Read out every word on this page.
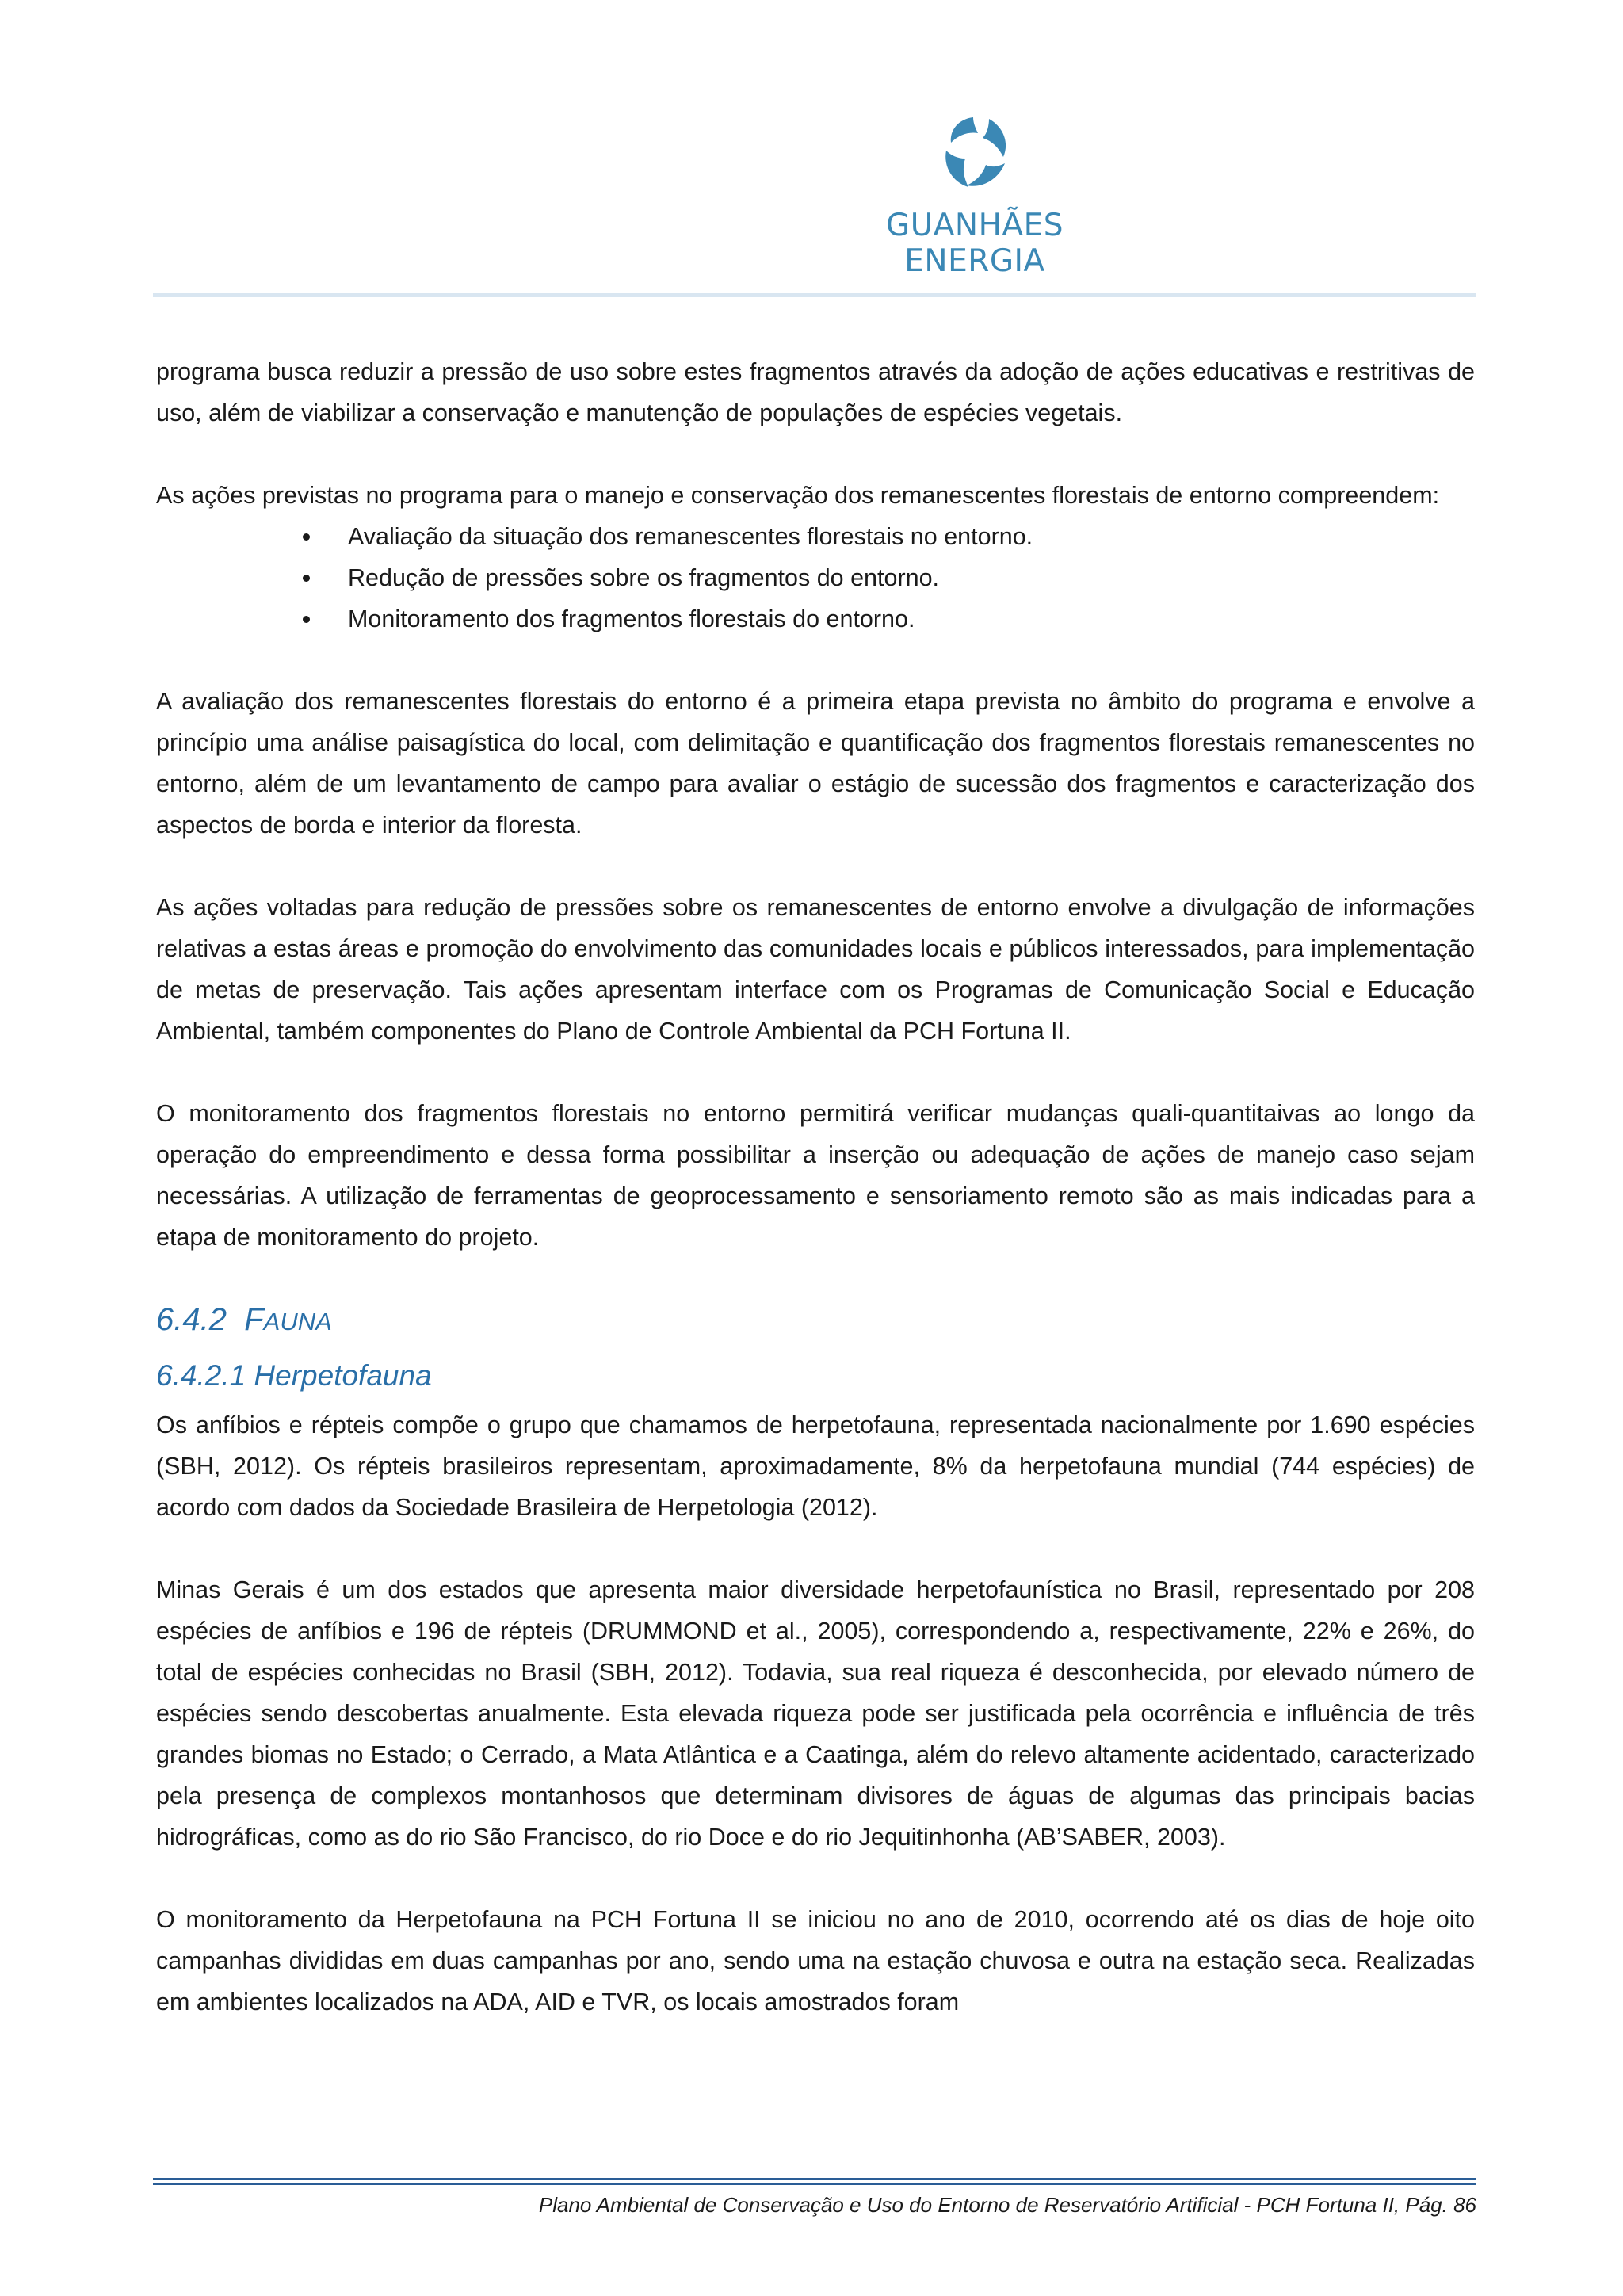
GUANHÃES ENERGIA

programa busca reduzir a pressão de uso sobre estes fragmentos através da adoção de ações educativas e restritivas de uso, além de viabilizar a conservação e manutenção de populações de espécies vegetais.

As ações previstas no programa para o manejo e conservação dos remanescentes florestais de entorno compreendem:

Avaliação da situação dos remanescentes florestais no entorno.
Redução de pressões sobre os fragmentos do entorno.
Monitoramento dos fragmentos florestais do entorno.

A avaliação dos remanescentes florestais do entorno é a primeira etapa prevista no âmbito do programa e envolve a princípio uma análise paisagística do local, com delimitação e quantificação dos fragmentos florestais remanescentes no entorno, além de um levantamento de campo para avaliar o estágio de sucessão dos fragmentos e caracterização dos aspectos de borda e interior da floresta.

As ações voltadas para redução de pressões sobre os remanescentes de entorno envolve a divulgação de informações relativas a estas áreas e promoção do envolvimento das comunidades locais e públicos interessados, para implementação de metas de preservação. Tais ações apresentam interface com os Programas de Comunicação Social e Educação Ambiental, também componentes do Plano de Controle Ambiental da PCH Fortuna II.

O monitoramento dos fragmentos florestais no entorno permitirá verificar mudanças quali-quantitaivas ao longo da operação do empreendimento e dessa forma possibilitar a inserção ou adequação de ações de manejo caso sejam necessárias. A utilização de ferramentas de geoprocessamento e sensoriamento remoto são as mais indicadas para a etapa de monitoramento do projeto.

6.4.2 FAUNA
6.4.2.1 Herpetofauna

Os anfíbios e répteis compõe o grupo que chamamos de herpetofauna, representada nacionalmente por 1.690 espécies (SBH, 2012). Os répteis brasileiros representam, aproximadamente, 8% da herpetofauna mundial (744 espécies) de acordo com dados da Sociedade Brasileira de Herpetologia (2012).

Minas Gerais é um dos estados que apresenta maior diversidade herpetofaunística no Brasil, representado por 208 espécies de anfíbios e 196 de répteis (DRUMMOND et al., 2005), correspondendo a, respectivamente, 22% e 26%, do total de espécies conhecidas no Brasil (SBH, 2012). Todavia, sua real riqueza é desconhecida, por elevado número de espécies sendo descobertas anualmente. Esta elevada riqueza pode ser justificada pela ocorrência e influência de três grandes biomas no Estado; o Cerrado, a Mata Atlântica e a Caatinga, além do relevo altamente acidentado, caracterizado pela presença de complexos montanhosos que determinam divisores de águas de algumas das principais bacias hidrográficas, como as do rio São Francisco, do rio Doce e do rio Jequitinhonha (AB’SABER, 2003).

O monitoramento da Herpetofauna na PCH Fortuna II se iniciou no ano de 2010, ocorrendo até os dias de hoje oito campanhas divididas em duas campanhas por ano, sendo uma na estação chuvosa e outra na estação seca. Realizadas em ambientes localizados na ADA, AID e TVR, os locais amostrados foram

Plano Ambiental de Conservação e Uso do Entorno de Reservatório Artificial - PCH Fortuna II, Pág. 86
